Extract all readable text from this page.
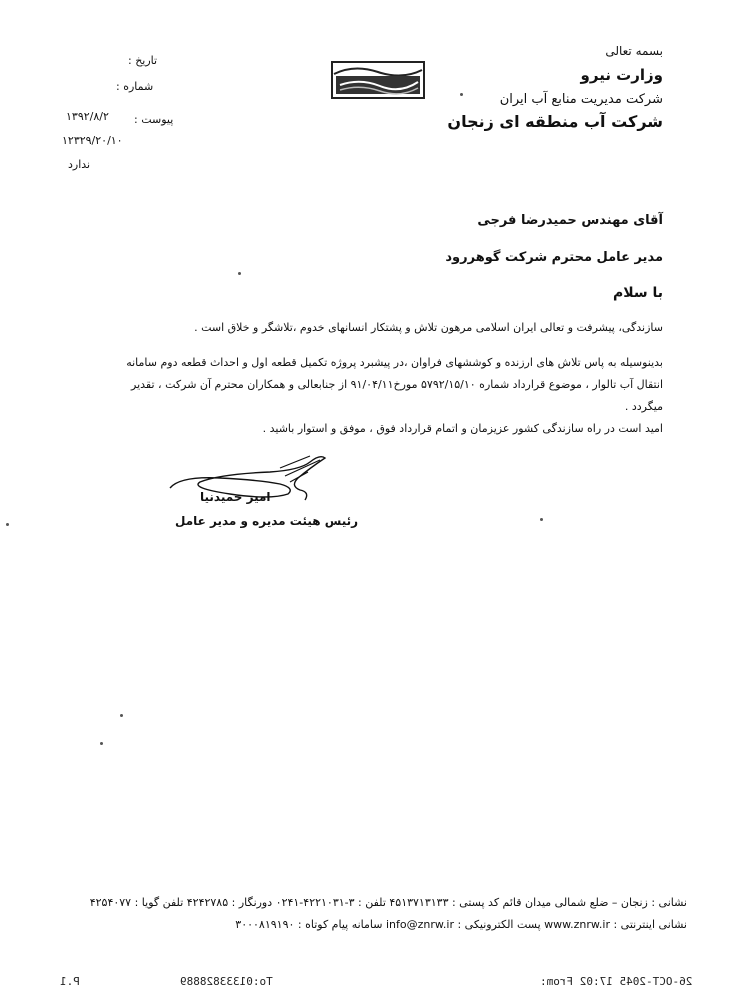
بسمه تعالی
وزارت نیرو
شرکت مدیریت منابع آب ایران
شرکت آب منطقه ای زنجان
تاریخ :
شماره :
پیوست :
۱۳۹۲/۸/۲
۱۲۳۲۹/۲۰/۱۰
ندارد
آقای مهندس حمیدرضا فرجی
مدیر عامل محترم شرکت گوهررود
با سلام
سازندگی، پیشرفت و تعالی ایران اسلامی مرهون تلاش و پشتکار انسانهای خدوم ،تلاشگر و خلاق است .
بدینوسیله به پاس تلاش های ارزنده و کوششهای فراوان ،در پیشبرد پروژه تکمیل قطعه اول و احداث قطعه دوم سامانه انتقال آب تالوار ، موضوع قرارداد شماره ۵۷۹۲/۱۵/۱۰ مورخ۹۱/۰۴/۱۱ از جنابعالی و همکاران محترم آن شرکت ، تقدیر میگردد .
امید است در راه سازندگی کشور عزیزمان و اتمام قرارداد فوق ، موفق و استوار باشید .
امیر حمیدنیا
رئیس هیئت مدیره و مدیر عامل
نشانی : زنجان – ضلع شمالی میدان قائم کد پستی : ۴۵۱۳۷۱۳۱۳۳ تلفن : ۳-۴۲۲۱۰۳۱-۰۲۴۱ دورنگار : ۴۲۴۲۷۸۵ تلفن گویا : ۴۲۵۴۰۷۷
نشانی اینترنتی : www.znrw.ir پست الکترونیکی : info@znrw.ir سامانه پیام کوتاه : ۳۰۰۰۸۱۹۱۹۰
26-OCT-2045 17:02 From:
To:01333828889
P.1
